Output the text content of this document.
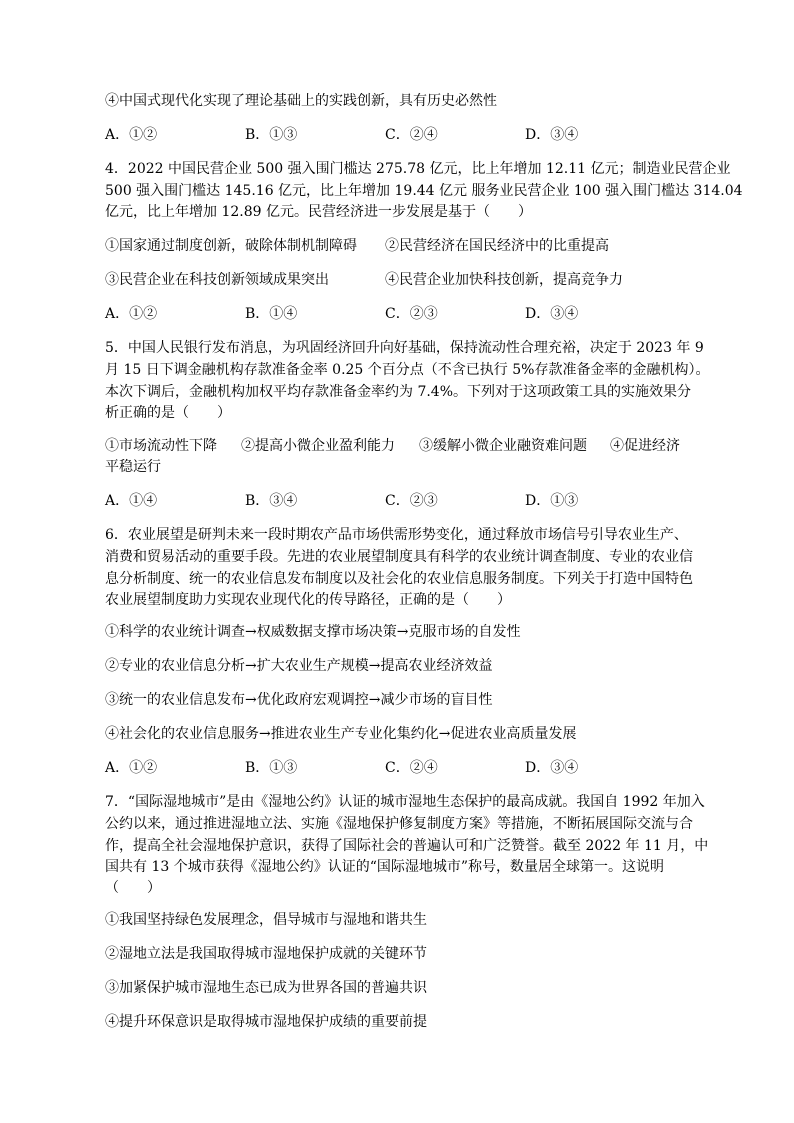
④中国式现代化实现了理论基础上的实践创新，具有历史必然性
A．①②	B．①③	C．②④	D．③④
4．2022 中国民营企业 500 强入围门槛达 275.78 亿元，比上年增加 12.11 亿元；制造业民营企业
500 强入围门槛达 145.16 亿元，比上年增加 19.44 亿元 服务业民营企业 100 强入围门槛达 314.04
亿元，比上年增加 12.89 亿元。民营经济进一步发展是基于（　　）
①国家通过制度创新，破除体制机制障碍 ②民营经济在国民经济中的比重提高
③民营企业在科技创新领域成果突出	④民营企业加快科技创新，提高竞争力
A．①②	B．①④	C．②③	D．③④
5．中国人民银行发布消息，为巩固经济回升向好基础，保持流动性合理充裕，决定于 2023 年 9
月 15 日下调金融机构存款准备金率 0.25 个百分点（不含已执行 5%存款准备金率的金融机构）。
本次下调后，金融机构加权平均存款准备金率约为 7.4%。下列对于这项政策工具的实施效果分
析正确的是（　　）
①市场流动性下降 ②提高小微企业盈利能力 ③缓解小微企业融资难问题 ④促进经济
平稳运行
A．①④	B．③④	C．②③	D．①③
6．农业展望是研判未来一段时期农产品市场供需形势变化，通过释放市场信号引导农业生产、
消费和贸易活动的重要手段。先进的农业展望制度具有科学的农业统计调查制度、专业的农业信
息分析制度、统一的农业信息发布制度以及社会化的农业信息服务制度。下列关于打造中国特色
农业展望制度助力实现农业现代化的传导路径，正确的是（　　）
①科学的农业统计调查→权威数据支撑市场决策→克服市场的自发性
②专业的农业信息分析→扩大农业生产规模→提高农业经济效益
③统一的农业信息发布→优化政府宏观调控→减少市场的盲目性
④社会化的农业信息服务→推进农业生产专业化集约化→促进农业高质量发展
A．①②	B．①③	C．②④	D．③④
7．“国际湿地城市”是由《湿地公约》认证的城市湿地生态保护的最高成就。我国自 1992 年加入
公约以来，通过推进湿地立法、实施《湿地保护修复制度方案》等措施，不断拓展国际交流与合
作，提高全社会湿地保护意识，获得了国际社会的普遍认可和广泛赞誉。截至 2022 年 11 月，中
国共有 13 个城市获得《湿地公约》认证的“国际湿地城市”称号，数量居全球第一。这说明
（　　）
①我国坚持绿色发展理念，倡导城市与湿地和谐共生
②湿地立法是我国取得城市湿地保护成就的关键环节
③加紧保护城市湿地生态已成为世界各国的普遍共识
④提升环保意识是取得城市湿地保护成绩的重要前提
